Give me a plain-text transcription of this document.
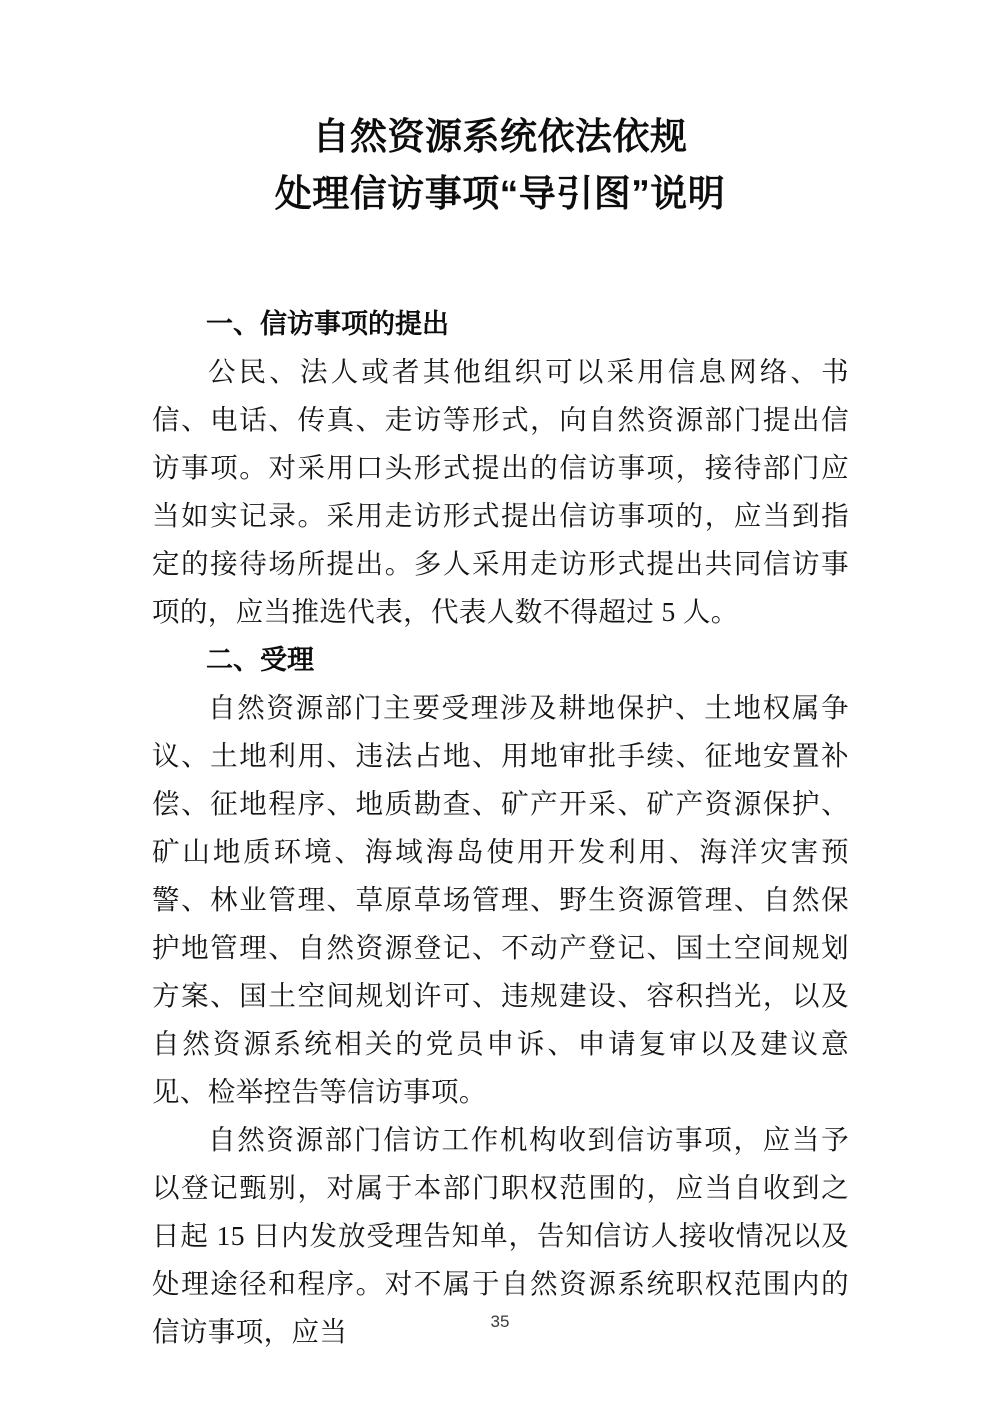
自然资源系统依法依规
处理信访事项“导引图”说明
一、信访事项的提出

公民、法人或者其他组织可以采用信息网络、书信、电话、传真、走访等形式，向自然资源部门提出信访事项。对采用口头形式提出的信访事项，接待部门应当如实记录。采用走访形式提出信访事项的，应当到指定的接待场所提出。多人采用走访形式提出共同信访事项的，应当推选代表，代表人数不得超过 5 人。

二、受理

自然资源部门主要受理涉及耕地保护、土地权属争议、土地利用、违法占地、用地审批手续、征地安置补偿、征地程序、地质勘查、矿产开采、矿产资源保护、矿山地质环境、海域海岛使用开发利用、海洋灾害预警、林业管理、草原草场管理、野生资源管理、自然保护地管理、自然资源登记、不动产登记、国土空间规划方案、国土空间规划许可、违规建设、容积挡光，以及自然资源系统相关的党员申诉、申请复审以及建议意见、检举控告等信访事项。

自然资源部门信访工作机构收到信访事项，应当予以登记甄别，对属于本部门职权范围的，应当自收到之日起 15 日内发放受理告知单，告知信访人接收情况以及处理途径和程序。对不属于自然资源系统职权范围内的信访事项，应当	35
